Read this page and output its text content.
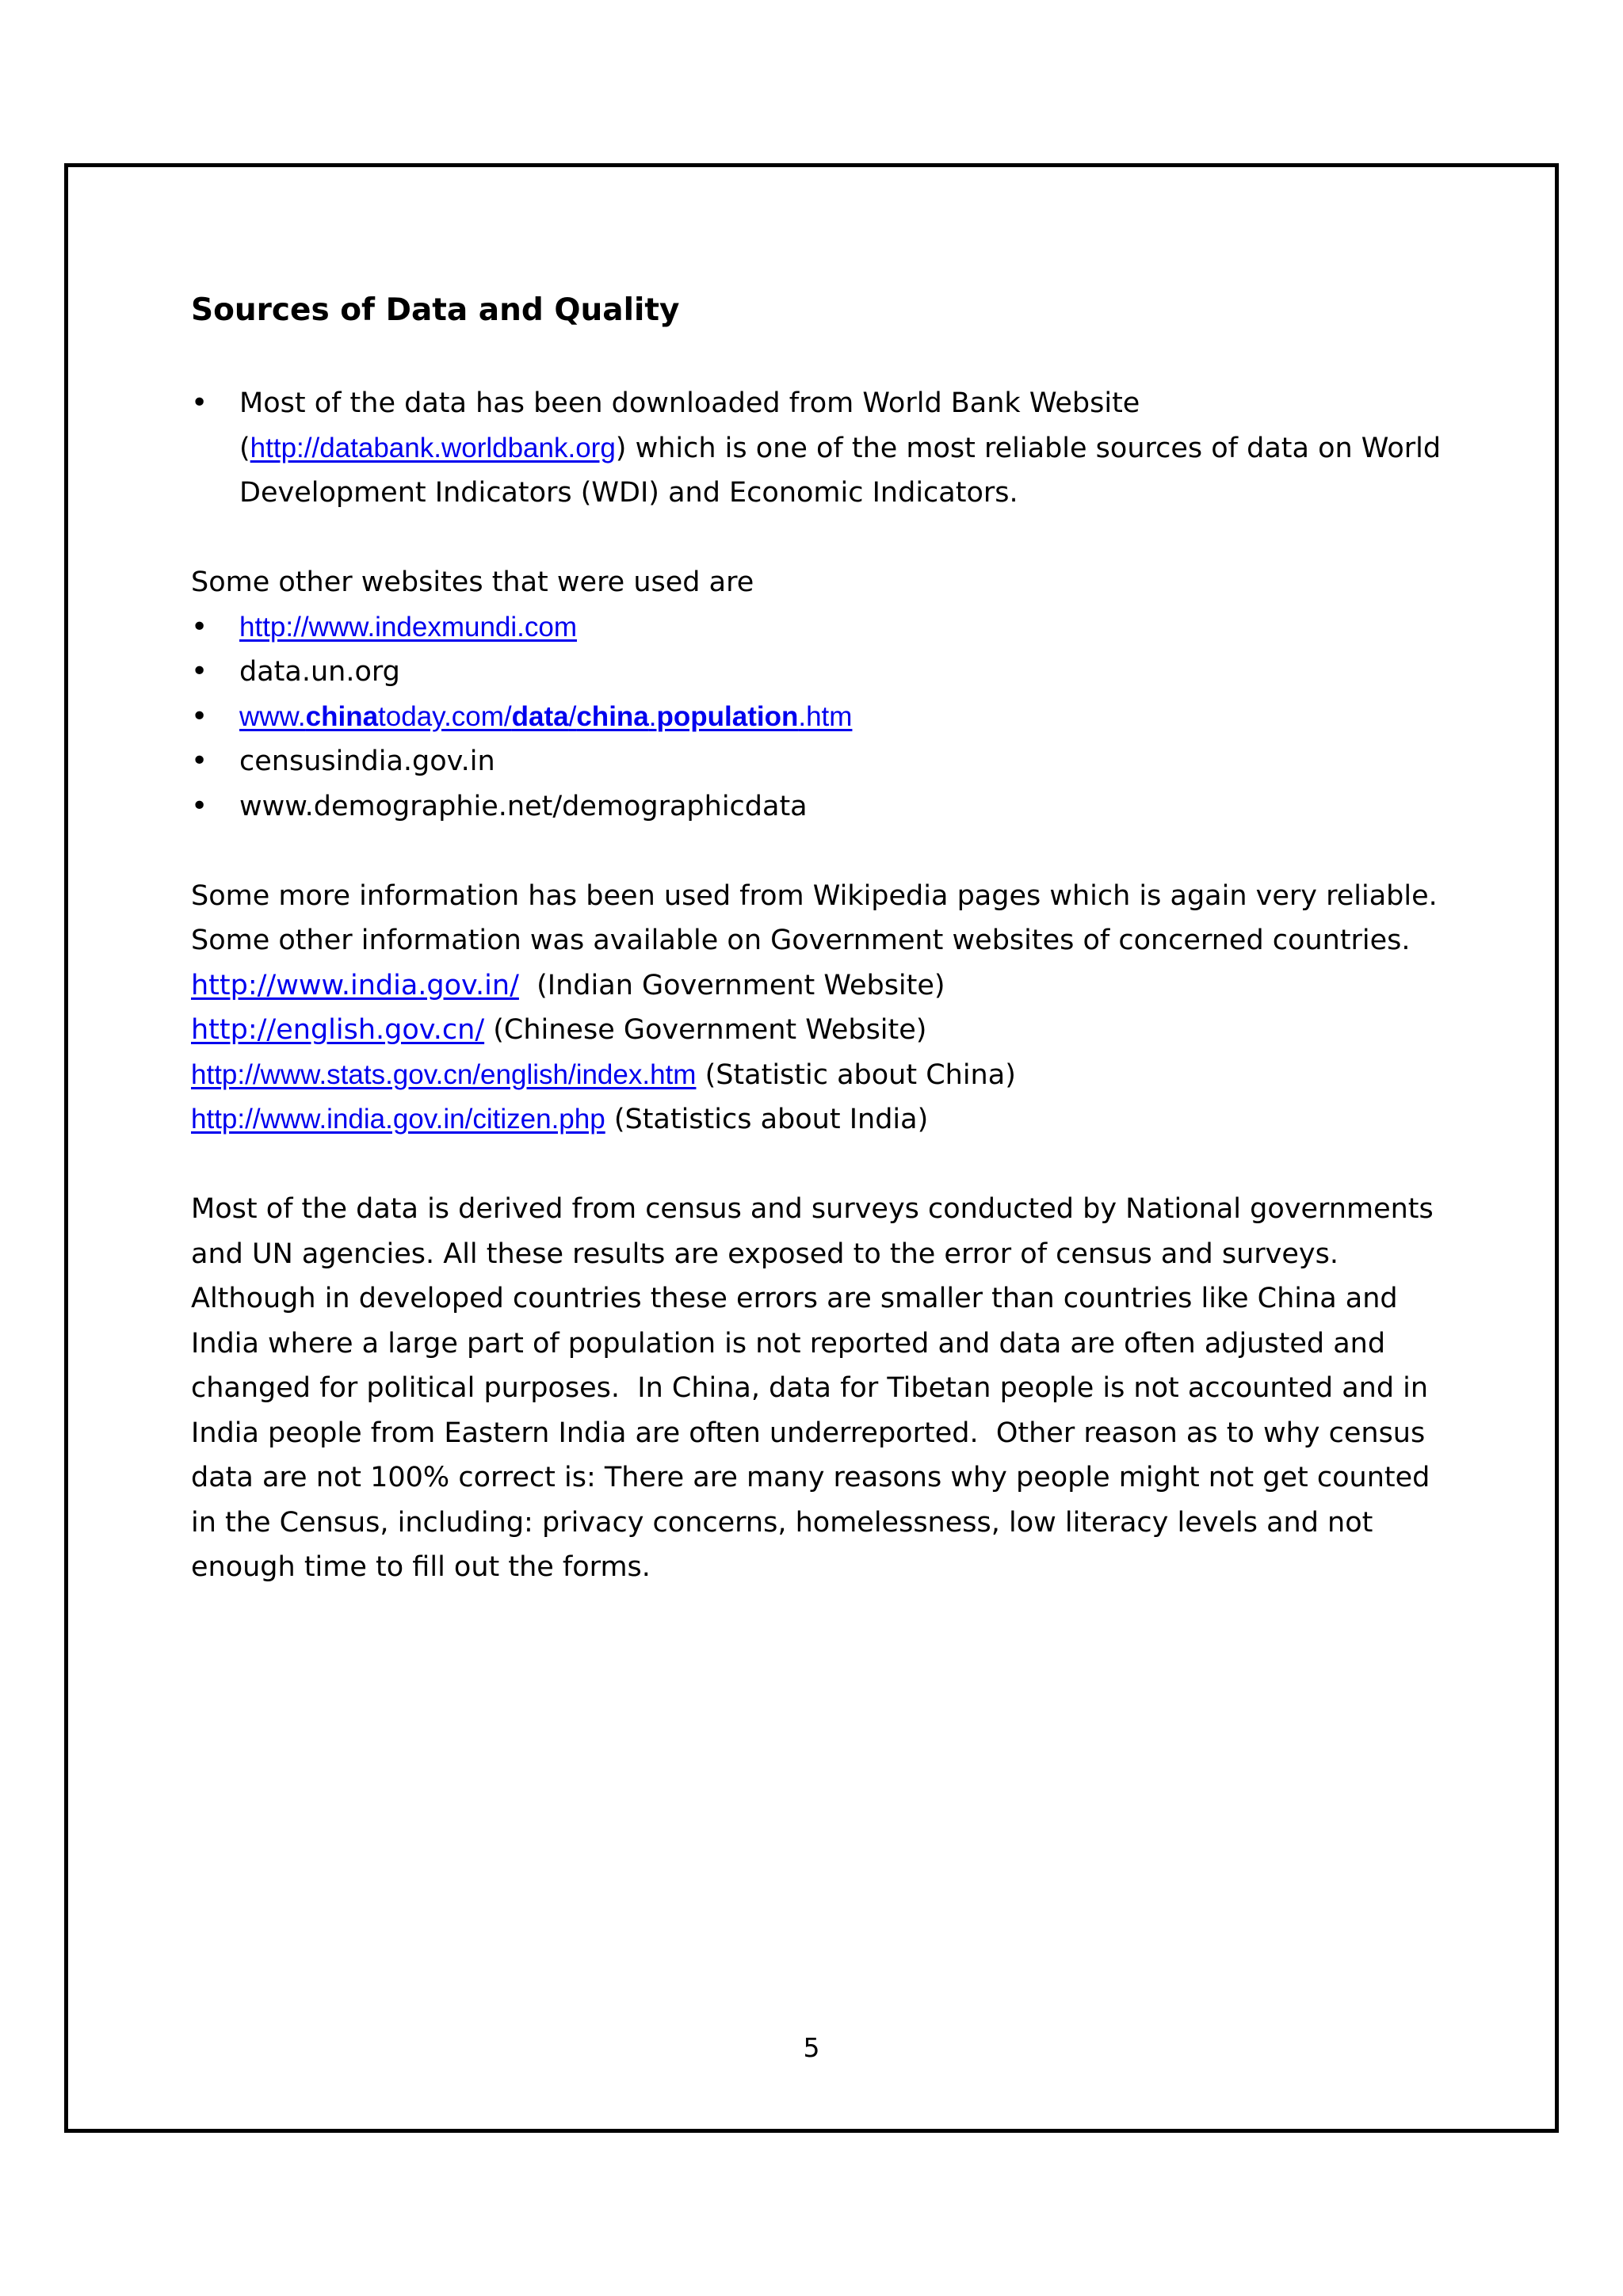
Sources of Data and Quality
• Most of the data has been downloaded from World Bank Website (http://databank.worldbank.org) which is one of the most reliable sources of data on World Development Indicators (WDI) and Economic Indicators.

Some other websites that were used are

• http://www.indexmundi.com
• data.un.org
• www.chinatoday.com/data/china.population.htm
• censusindia.gov.in
• www.demographie.net/demographicdata

Some more information has been used from Wikipedia pages which is again very reliable.

Some other information was available on Government websites of concerned countries.

http://www.india.gov.in/  (Indian Government Website)

http://english.gov.cn/ (Chinese Government Website)

http://www.stats.gov.cn/english/index.htm (Statistic about China)

http://www.india.gov.in/citizen.php (Statistics about India)

Most of the data is derived from census and surveys conducted by National governments and UN agencies. All these results are exposed to the error of census and surveys. Although in developed countries these errors are smaller than countries like China and India where a large part of population is not reported and data are often adjusted and changed for political purposes.  In China, data for Tibetan people is not accounted and in India people from Eastern India are often underreported.  Other reason as to why census data are not 100% correct is: There are many reasons why people might not get counted in the Census, including: privacy concerns, homelessness, low literacy levels and not enough time to fill out the forms.

5
